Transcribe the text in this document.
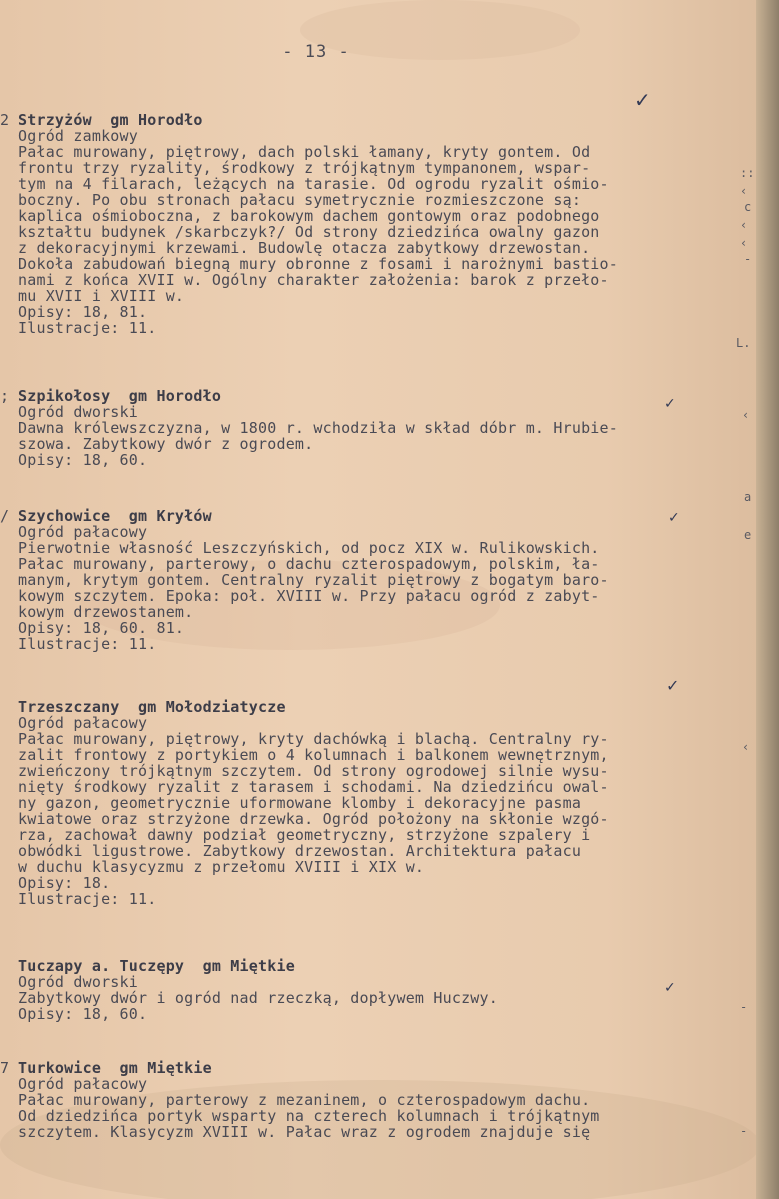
- 13 -
2 Strzyżów  gm Horodło
Ogród zamkowy
Pałac murowany, piętrowy, dach polski łamany, kryty gontem. Od
frontu trzy ryzality, środkowy z trójkątnym tympanonem, wspar-
tym na 4 filarach, leżących na tarasie. Od ogrodu ryzalit ośmio-
boczny. Po obu stronach pałacu symetrycznie rozmieszczone są:
kaplica ośmioboczna, z barokowym dachem gontowym oraz podobnego
kształtu budynek /skarbczyk?/ Od strony dziedzińca owalny gazon
z dekoracyjnymi krzewami. Budowlę otacza zabytkowy drzewostan.
Dokoła zabudowań biegną mury obronne z fosami i narożnymi bastio-
nami z końca XVII w. Ogólny charakter założenia: barok z przeło-
mu XVII i XVIII w.
Opisy: 18, 81.
Ilustracje: 11.
✓
; Szpikołosy  gm Horodło
Ogród dworski
Dawna królewszczyzna, w 1800 r. wchodziła w skład dóbr m. Hrubie-
szowa. Zabytkowy dwór z ogrodem.
Opisy: 18, 60.
✓
/ Szychowice  gm Kryłów
Ogród pałacowy
Pierwotnie własność Leszczyńskich, od pocz XIX w. Rulikowskich.
Pałac murowany, parterowy, o dachu czterospadowym, polskim, ła-
manym, krytym gontem. Centralny ryzalit piętrowy z bogatym baro-
kowym szczytem. Epoka: poł. XVIII w. Przy pałacu ogród z zabyt-
kowym drzewostanem.
Opisy: 18, 60. 81.
Ilustracje: 11.
✓
Trzeszczany  gm Mołodziatycze
Ogród pałacowy
Pałac murowany, piętrowy, kryty dachówką i blachą. Centralny ry-
zalit frontowy z portykiem o 4 kolumnach i balkonem wewnętrznym,
zwieńczony trójkątnym szczytem. Od strony ogrodowej silnie wysu-
nięty środkowy ryzalit z tarasem i schodami. Na dziedzińcu owal-
ny gazon, geometrycznie uformowane klomby i dekoracyjne pasma
kwiatowe oraz strzyżone drzewka. Ogród położony na skłonie wzgó-
rza, zachował dawny podział geometryczny, strzyżone szpalery i
obwódki ligustrowe. Zabytkowy drzewostan. Architektura pałacu
w duchu klasycyzmu z przełomu XVIII i XIX w.
Opisy: 18.
Ilustracje: 11.
✓
Tuczapy a. Tuczępy  gm Miętkie
Ogród dworski
Zabytkowy dwór i ogród nad rzeczką, dopływem Huczwy.
Opisy: 18, 60.
✓
7 Turkowice  gm Miętkie
Ogród pałacowy
Pałac murowany, parterowy z mezaninem, o czterospadowym dachu.
Od dziedzińca portyk wsparty na czterech kolumnach i trójkątnym
szczytem. Klasycyzm XVIII w. Pałac wraz z ogrodem znajduje się
::
‹
c
‹
‹
-
L.
‹
a
e
‹
-
-
